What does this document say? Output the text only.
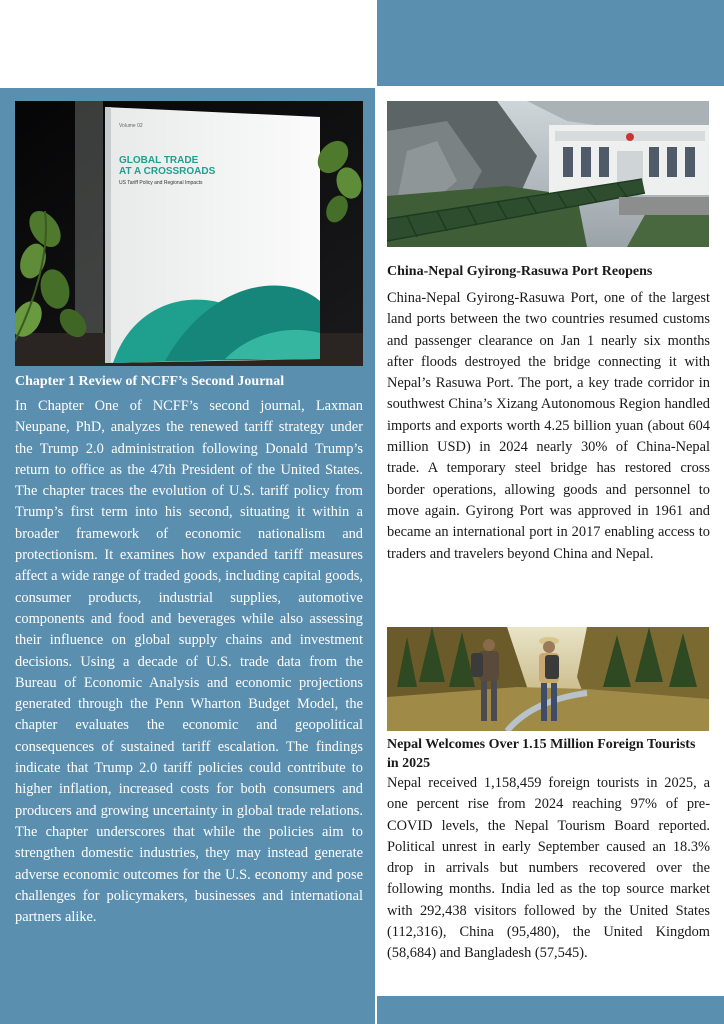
Volume 02
GLOBAL TRADE
AT A CROSSROADS
US Tariff Policy and Regional Impacts
Chapter 1 Review of NCFF’s Second Journal
In Chapter One of NCFF’s second journal, Laxman Neupane, PhD, analyzes the renewed tariff strategy under the Trump 2.0 administration following Donald Trump’s return to office as the 47th President of the United States. The chapter traces the evolution of U.S. tariff policy from Trump’s first term into his second, situating it within a broader framework of economic nationalism and protectionism. It examines how expanded tariff measures affect a wide range of traded goods, including capital goods, consumer products, industrial supplies, automotive components and food and beverages while also assessing their influence on global supply chains and investment decisions. Using a decade of U.S. trade data from the Bureau of Economic Analysis and economic projections generated through the Penn Wharton Budget Model, the chapter evaluates the economic and geopolitical consequences of sustained tariff escalation. The findings indicate that Trump 2.0 tariff policies could contribute to higher inflation, increased costs for both consumers and producers and growing uncertainty in global trade relations. The chapter underscores that while the policies aim to strengthen domestic industries, they may instead generate adverse economic outcomes for the U.S. economy and pose challenges for policymakers, businesses and international partners alike.
China-Nepal Gyirong-Rasuwa Port Reopens
China-Nepal Gyirong-Rasuwa Port, one of the largest land ports between the two countries resumed customs and passenger clearance on Jan 1 nearly six months after floods destroyed the bridge connecting it with Nepal’s Rasuwa Port. The port, a key trade corridor in southwest China’s Xizang Autonomous Region handled imports and exports worth 4.25 billion yuan (about 604 million USD) in 2024 nearly 30% of China-Nepal trade. A temporary steel bridge has restored cross border operations, allowing goods and personnel to move again. Gyirong Port was approved in 1961 and became an international port in 2017 enabling access to traders and travelers beyond China and Nepal.
Nepal Welcomes Over 1.15 Million Foreign Tourists in 2025
Nepal received 1,158,459 foreign tourists in 2025, a one percent rise from 2024 reaching 97% of pre-COVID levels, the Nepal Tourism Board reported. Political unrest in early September caused an 18.3% drop in arrivals but numbers recovered over the following months. India led as the top source market with 292,438 visitors followed by the United States (112,316), China (95,480), the United Kingdom (58,684) and Bangladesh (57,545).
